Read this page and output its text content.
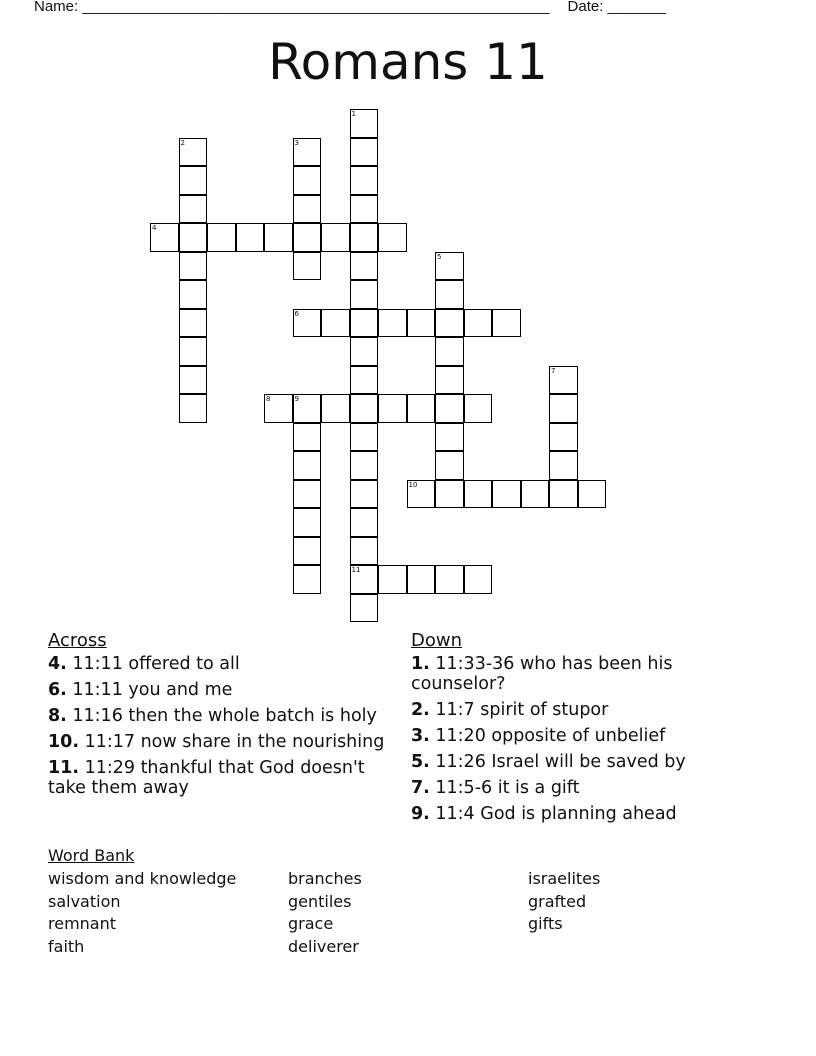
Name: ________________________________________________________ Date: _______
Romans 11
1
11
2	3
4
5
6
7
8	9
10
Across
4. 11:11 offered to all
6. 11:11 you and me
8. 11:16 then the whole batch is holy
10. 11:17 now share in the nourishing
11. 11:29 thankful that God doesn't take them away
Down
1. 11:33-36 who has been his counselor?
2. 11:7 spirit of stupor
3. 11:20 opposite of unbelief
5. 11:26 Israel will be saved by
7. 11:5-6 it is a gift
9. 11:4 God is planning ahead
Word Bank
wisdom and knowledge
salvation
remnant
faith
branches
gentiles
grace
deliverer
israelites
grafted
gifts
